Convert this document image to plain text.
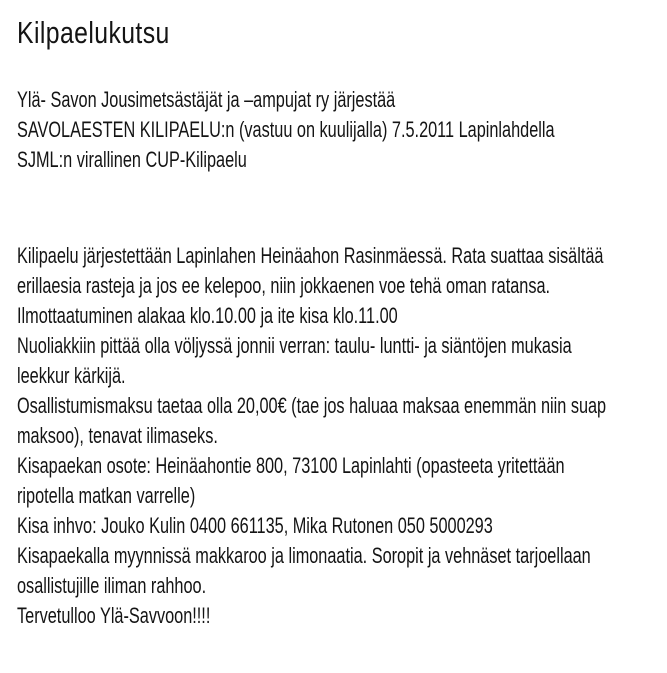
Kilpaelukutsu
Ylä- Savon Jousimetsästäjät ja –ampujat ry järjestää
SAVOLAESTEN KILIPAELU:n (vastuu on kuulijalla) 7.5.2011 Lapinlahdella
SJML:n virallinen CUP-Kilipaelu
Kilipaelu järjestettään Lapinlahen Heinäahon Rasinmäessä. Rata suattaa sisältää
erillaesia rasteja ja jos ee kelepoo, niin jokkaenen voe tehä oman ratansa.
Ilmottaatuminen alakaa klo.10.00 ja ite kisa klo.11.00
Nuoliakkiin pittää olla völjyssä jonnii verran: taulu- luntti- ja siäntöjen mukasia
leekkur kärkijä.
Osallistumismaksu taetaa olla 20,00€ (tae jos haluaa maksaa enemmän niin suap
maksoo), tenavat ilimaseks.
Kisapaekan osote: Heinäahontie 800, 73100 Lapinlahti (opasteeta yritettään
ripotella matkan varrelle)
Kisa inhvo: Jouko Kulin 0400 661135, Mika Rutonen 050 5000293
Kisapaekalla myynnissä makkaroo ja limonaatia. Soropit ja vehnäset tarjoellaan
osallistujille iliman rahhoo.
Tervetulloo Ylä-Savvoon!!!!
